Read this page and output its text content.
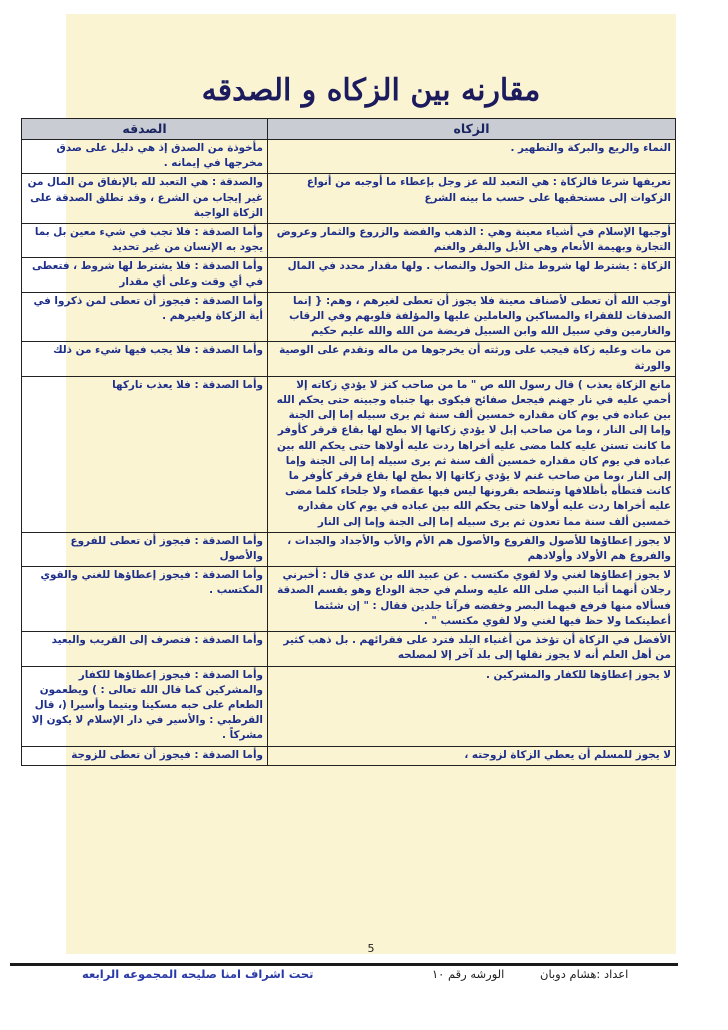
مقارنه بين الزكاه و الصدقه
الزكاه	الصدقه
النماء والريع والبركة والتطهير .	مأخوذة من الصدق إذ هي دليل على صدق مخرجها في إيمانه .
تعريفها شرعا فالزكاة : هي التعبد لله عز وجل بإعطاء ما أوجبه من أنواع الزكوات إلى مستحقيها على حسب ما بينه الشرع	والصدقة : هي التعبد لله بالإنفاق من المال من غير إيجاب من الشرع ، وقد تطلق الصدقة على الزكاة الواجبة
أوجبها الإسلام في أشياء معينة وهي : الذهب والفضة والزروع والثمار وعروض التجارة وبهيمة الأنعام وهي الأبل والبقر والغنم	وأما الصدقة : فلا تجب في شيء معين بل بما يجود به الإنسان من غير تحديد
الزكاة : يشترط لها شروط مثل الحول والنصاب . ولها مقدار محدد في المال	وأما الصدقة : فلا يشترط لها شروط ، فتعطى في أي وقت وعلى أي مقدار
أوجب الله أن تعطى لأصناف معينة فلا يجوز أن تعطى لغيرهم ، وهم: { إنما الصدقات للفقراء والمساكين والعاملين عليها والمؤلفة قلوبهم وفي الرقاب والغارمين وفي سبيل الله وابن السبيل فريضة من الله والله عليم حكيم	وأما الصدقة : فيجوز أن تعطى لمن ذكروا في أية الزكاة ولغيرهم .
من مات وعليه زكاة فيجب على ورثته أن يخرجوها من ماله وتقدم على الوصية والورثة	وأما الصدقة : فلا يجب فيها شيء من ذلك
مانع الزكاة يعذب ) قال رسول الله ص " ما من صاحب كنز لا يؤدي زكاته إلا أحمي عليه في نار جهنم فيجعل صفائح فيكوى بها جنباه وجبينه حتى يحكم الله بين عباده في يوم كان مقداره خمسين ألف سنة ثم يرى سبيله إما إلى الجنة وإما إلى النار ، وما من صاحب إبل لا يؤدي زكاتها إلا بطح لها بقاع قرقر كأوفر ما كانت تستن عليه كلما مضى عليه أخراها ردت عليه أولاها حتى يحكم الله بين عباده في يوم كان مقداره خمسين ألف سنة ثم يرى سبيله إما إلى الجنة وإما إلى النار ،وما من صاحب غنم لا يؤدي زكاتها إلا بطح لها بقاع قرقر كأوفر ما كانت فتطأه بأظلافها وتنطحه بقرونها ليس فيها عقصاء ولا جلحاء كلما مضى عليه أخراها ردت عليه أولاها حتى يحكم الله بين عباده في يوم كان مقداره خمسين ألف سنة مما تعدون ثم يرى سبيله إما إلى الجنة وإما إلى النار	وأما الصدقة : فلا يعذب تاركها
لا يجوز إعطاؤها للأصول والفروع والأصول هم الأم والأب والأجداد والجدات ، والفروع هم الأولاد وأولادهم	وأما الصدقة : فيجوز أن تعطى للفروع والأصول
لا يجوز إعطاؤها لغني ولا لقوي مكتسب . عن عبيد الله بن عدي قال : أخبرني رجلان أنهما أتيا النبي صلى الله عليه وسلم في حجة الوداع وهو يقسم الصدقة فسألاه منها فرفع فيهما البصر وخفضه فرآنا جلدين فقال : " إن شئتما أعطيتكما ولا حظ فيها لغني ولا لقوي مكتسب " .	وأما الصدقة : فيجوز إعطاؤها للغني والقوي المكتسب .
الأفضل في الزكاة أن تؤخذ من أغنياء البلد فترد على فقرائهم . بل ذهب كثير من أهل العلم أنه لا يجوز نقلها إلى بلد آخر إلا لمصلحه	وأما الصدقة : فتصرف إلى القريب والبعيد
لا يجوز إعطاؤها للكفار والمشركين .	وأما الصدقة : فيجوز إعطاؤها للكفار والمشركين كما قال الله تعالى : ) ويطعمون الطعام على حبه مسكينا ويتيما وأسيرا (، قال القرطبي : والأسير في دار الإسلام لا يكون إلا مشركاً .
لا يجوز للمسلم أن يعطي الزكاة لزوجته ،	وأما الصدقة : فيجوز أن تعطى للزوجة
5
اعداد :هشام دوبان
الورشه رقم ١٠
تحت اشراف امنا صليحه المجموعه الرابعه
